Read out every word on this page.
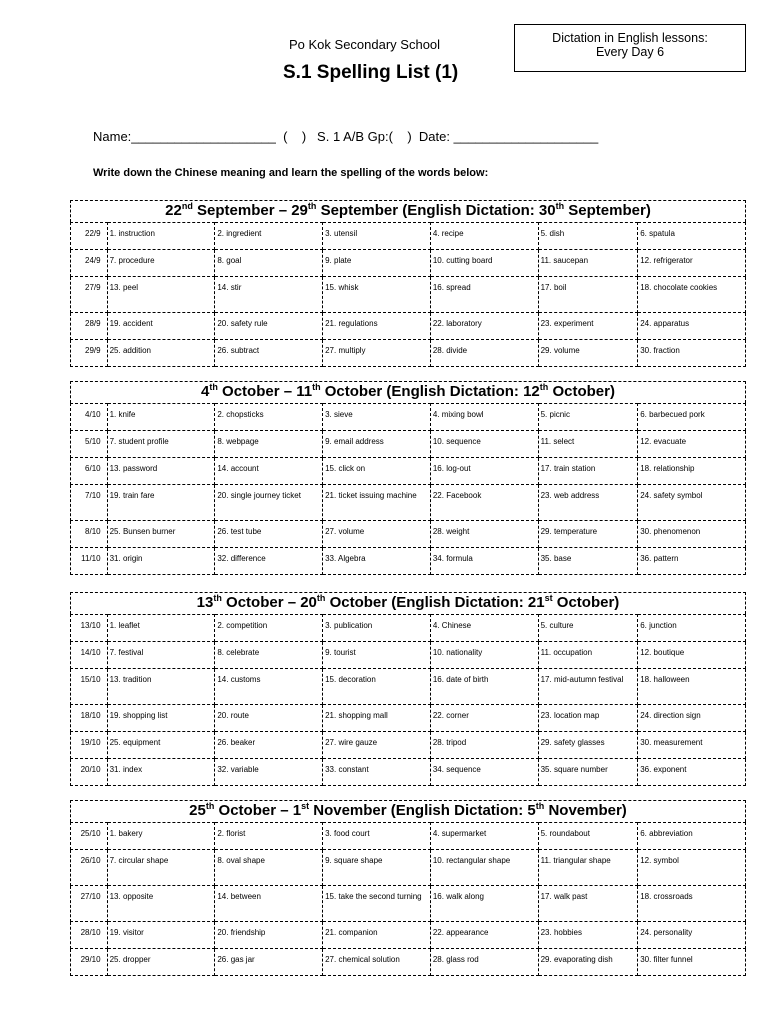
Po Kok Secondary School
S.1 Spelling List (1)
Dictation in English lessons:
Every Day 6
Name:____________________  (    )   S. 1 A/B Gp:(    )  Date: ____________________
Write down the Chinese meaning and learn the spelling of the words below:
22nd September – 29th September (English Dictation: 30th September)
22/9	1. instruction	2. ingredient	3. utensil	4. recipe	5. dish	6. spatula
24/9	7. procedure	8. goal	9. plate	10. cutting board	11. saucepan	12. refrigerator
27/9	13. peel	14. stir	15. whisk	16. spread	17. boil	18. chocolate cookies
28/9	19. accident	20. safety rule	21. regulations	22. laboratory	23. experiment	24. apparatus
29/9	25. addition	26. subtract	27. multiply	28. divide	29. volume	30. fraction
4th October – 11th October (English Dictation: 12th October)
4/10	1. knife	2. chopsticks	3. sieve	4. mixing bowl	5. picnic	6. barbecued pork
5/10	7. student profile	8. webpage	9. email address	10. sequence	11. select	12. evacuate
6/10	13. password	14. account	15. click on	16. log-out	17. train station	18. relationship
7/10	19. train fare	20. single journey ticket	21. ticket issuing machine	22. Facebook	23. web address	24. safety symbol
8/10	25. Bunsen burner	26. test tube	27. volume	28. weight	29. temperature	30. phenomenon
11/10	31. origin	32. difference	33. Algebra	34. formula	35. base	36. pattern
13th October – 20th October (English Dictation: 21st October)
13/10	1. leaflet	2. competition	3. publication	4. Chinese	5. culture	6. junction
14/10	7. festival	8. celebrate	9. tourist	10. nationality	11. occupation	12. boutique
15/10	13. tradition	14. customs	15. decoration	16. date of birth	17. mid-autumn festival	18. halloween
18/10	19. shopping list	20. route	21. shopping mall	22. corner	23. location map	24. direction sign
19/10	25. equipment	26. beaker	27. wire gauze	28. tripod	29. safety glasses	30. measurement
20/10	31. index	32. variable	33. constant	34. sequence	35. square number	36. exponent
25th October – 1st November (English Dictation: 5th November)
25/10	1. bakery	2. florist	3. food court	4. supermarket	5. roundabout	6. abbreviation
26/10	7. circular shape	8. oval shape	9. square shape	10. rectangular shape	11. triangular shape	12. symbol
27/10	13. opposite	14. between	15. take the second turning	16. walk along	17. walk past	18. crossroads
28/10	19. visitor	20. friendship	21. companion	22. appearance	23. hobbies	24. personality
29/10	25. dropper	26. gas jar	27. chemical solution	28. glass rod	29. evaporating dish	30. filter funnel
